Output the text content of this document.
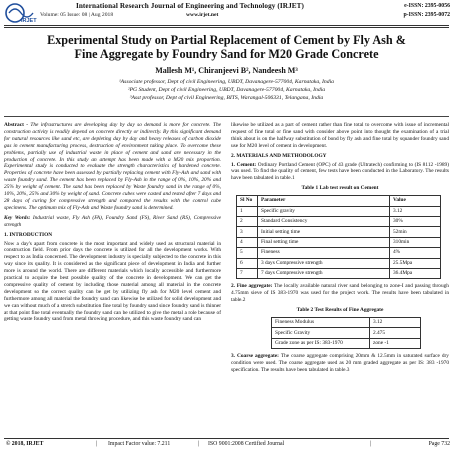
IRJET
International Research Journal of Engineering and Technology (IRJET)
Volume: 05 Issue: 08 | Aug 2018	www.irjet.net
e-ISSN: 2395-0056
p-ISSN: 2395-0072
Experimental Study on Partial Replacement of Cement by Fly Ash &
Fine Aggregate by Foundry Sand for M20 Grade Concrete
Mallesh M¹, Chiranjeevi B², Nandeesh M³
¹Associate professor, Dept of civil Engineering, UBDT, Davanagere-577004, Karnataka, India
²PG Student, Dept of civil Engineering, UBDT, Davanagere-577004, Karnataka, India
³Asst professor, Dept of civil Engineering, BITS, Warangal-506331, Telangana, India

Abstract - The infrastructures are developing day by day so demand is more for concrete. The construction activity is readily depend on concrete directly or indirectly. By this significant demand for natural resources like sand etc, are depleting day by day and heavy releases of carbon dioxide gas in cement manufacturing process, destruction of environment taking place. To overcome these problems, partially use of industrial waste in place of cement and sand are necessary in the production of concrete. In this study an attempt has been made with a M20 mix proportion. Experimental study is conducted to evaluate the strength characteristics of hardened concrete. Properties of concrete have been assessed by partially replacing cement with Fly-Ash and sand with waste foundry sand. The cement has been replaced by Fly-Ash in the range of 0%, 10%, 20% and 25% by weight of cement. The sand has been replaced by Waste foundry sand in the range of 0%, 10%, 20%, 25% and 30% by weight of sand. Concrete cubes were casted and tested after 7 days and 28 days of curing for compressive strength and compared the results with the control cube specimens. The optimum mix of Fly-Ash and Waste foundry sand is determined.

Key Words: Industrial waste, Fly Ash (FA), Foundry Sand (FS), River Sand (RS), Compressive strength

1. INTRODUCTION

Now a day's apart from concrete is the most important and widely used as structural material in construction field. From prior days the concrete is utilized for all the development works. With respect to as India concerned. The development industry is specially subjected to the concrete in this way since its quality. It is considered as the significant piece of development in India and further more is around the world. There are different materials which locally accessible and furthermore practical to acquire the best possible quality of the concrete in development. We can get the compressive quality of cement by including those material among all material in the concrete development so the correct quality can be get by utilizing fly ash for M20 level cement and furthermore among all material the foundry sand can likewise be utilized for solid development and we can without much of a stretch substitution fine total by foundry sand since foundry sand is thinner at that point fine total eventually the foundry sand can be utilized to give the metal a role because of getting waste foundry sand from metal throwing procedure, and this waste foundry sand can

likewise be utilized as a part of cement rather than fine total to overcome with issue of incremental request of fine total or fine sand with consider above point into thought the examination of a trial think about is on the halfway substitution of bond by fly ash and fine total by squander foundry sand use for M20 level of cement in development.

2. MATERIALS AND METHODOLOGY

1. Cement: Ordinary Portland Cement (OPC) of 43 grade (Ultratech) confirming to (IS 8112 -1989) was used. To find the quality of cement, few tests have been conducted in the Laboratory. The results have been tabulated in table.1

Table 1 Lab test result on Cement
Sl No	Parameter	Value
1	Specific gravity	3.12
2	Standard Consistency	30%
3	Initial setting time	52min
4	Final setting time	310min
5	Fineness	4%
6	3 days Compressive strength	25.5Mpa
7	7 days Compressive strength	36.4Mpa

2. Fine aggregate: The locally available natural river sand belonging to zone-I and passing through 4.75mm sieve of IS 383-1970 was used for the project work. The results have been tabulated in table.2

Table 2 Test Results of Fine Aggregate
Fineness Modulus	3.12
Specific Gravity	2.475
Grade zone as per IS: 383-1970	zone -1

3. Coarse aggregate: The coarse aggregate comprising 20mm & 12.5mm in saturated surface dry condition were used. The coarse aggregate used as 20 mm graded aggregate as per IS: 383 -1970 specification. The results have been tabulated in table.3

© 2018, IRJET	|	Impact Factor value: 7.211	|	ISO 9001:2008 Certified Journal	|	Page 732
